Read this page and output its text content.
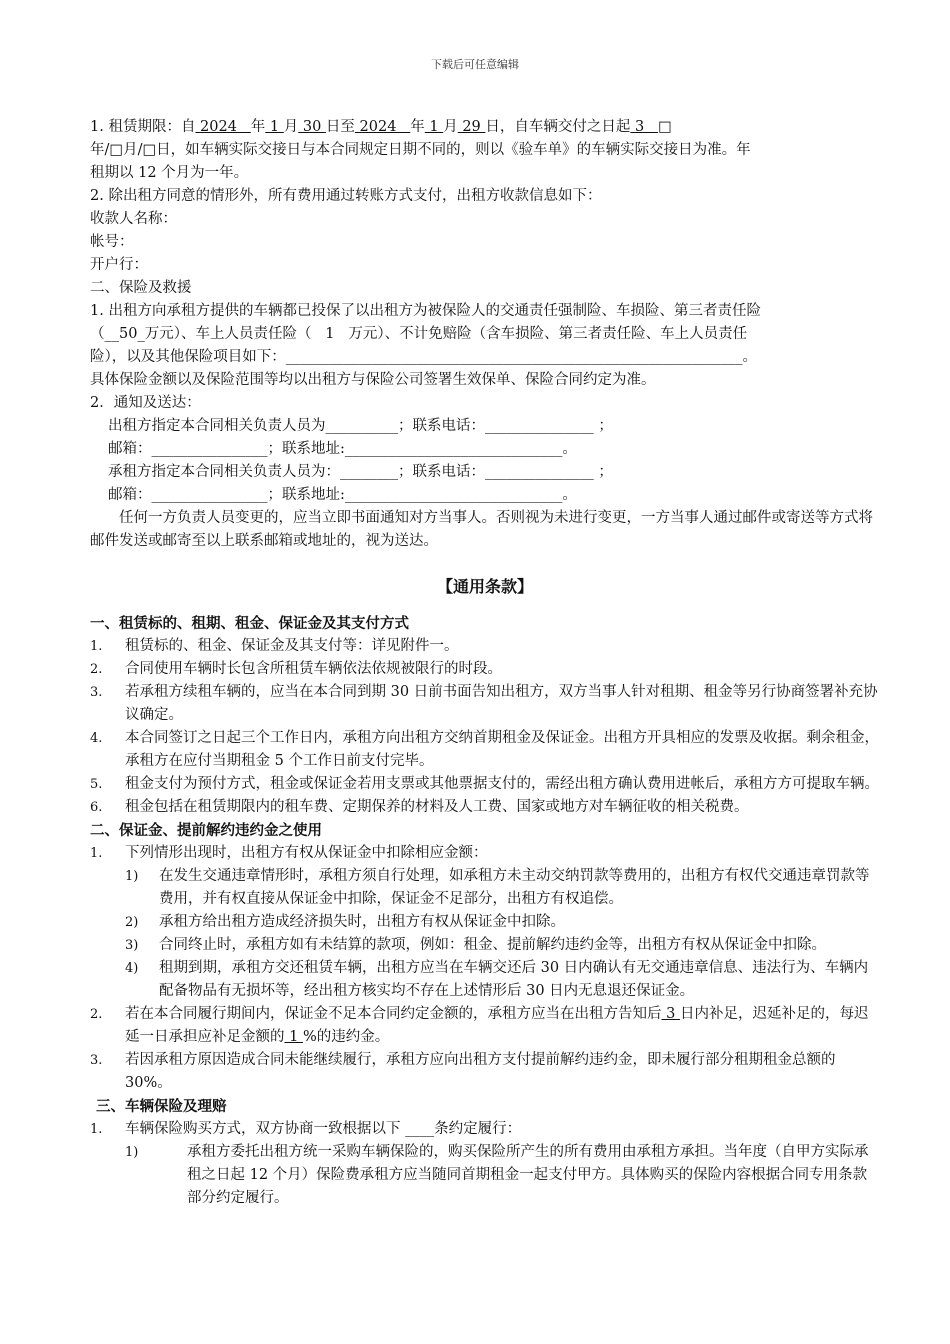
下载后可任意编辑

1. 租赁期限：自 2024   年 1 月 30 日至 2024   年 1 月 29 日，自车辆交付之日起 3   □

年/□月/□日，如车辆实际交接日与本合同规定日期不同的，则以《验车单》的车辆实际交接日为准。年

租期以 12 个月为一年。

2. 除出租方同意的情形外，所有费用通过转账方式支付，出租方收款信息如下：

收款人名称：

帐号：

开户行：

二、保险及救援

1. 出租方向承租方提供的车辆都已投保了以出租方为被保险人的交通责任强制险、车损险、第三者责任险

（__50_万元）、车上人员责任险（   1   万元）、不计免赔险（含车损险、第三者责任险、车上人员责任

险），以及其他保险项目如下：_______________________________________________________________。

具体保险金额以及保险范围等均以出租方与保险公司签署生效保单、保险合同约定为准。

2．通知及送达：

出租方指定本合同相关负责人员为__________；联系电话：_______________ ；

邮箱：________________；联系地址:______________________________。

承租方指定本合同相关负责人员为：________；联系电话：_______________ ；

邮箱：________________；联系地址:______________________________。

任何一方负责人员变更的，应当立即书面通知对方当事人。否则视为未进行变更，一方当事人通过邮件或寄送等方式将邮件发送或邮寄至以上联系邮箱或地址的，视为送达。

【通用条款】

一、租赁标的、租期、租金、保证金及其支付方式

1.	租赁标的、租金、保证金及其支付等：详见附件一。
2.	合同使用车辆时长包含所租赁车辆依法依规被限行的时段。
3.	若承租方续租车辆的，应当在本合同到期 30 日前书面告知出租方，双方当事人针对租期、租金等另行协商签署补充协议确定。
4.	本合同签订之日起三个工作日内，承租方向出租方交纳首期租金及保证金。出租方开具相应的发票及收据。剩余租金，承租方在应付当期租金 5 个工作日前支付完毕。
5.	租金支付为预付方式，租金或保证金若用支票或其他票据支付的，需经出租方确认费用进帐后，承租方方可提取车辆。
6.	租金包括在租赁期限内的租车费、定期保养的材料及人工费、国家或地方对车辆征收的相关税费。

二、保证金、提前解约违约金之使用

1.	下列情形出现时，出租方有权从保证金中扣除相应金额：
1)	在发生交通违章情形时，承租方须自行处理，如承租方未主动交纳罚款等费用的，出租方有权代交通违章罚款等费用，并有权直接从保证金中扣除，保证金不足部分，出租方有权追偿。
2)	承租方给出租方造成经济损失时，出租方有权从保证金中扣除。
3)	合同终止时，承租方如有未结算的款项，例如：租金、提前解约违约金等，出租方有权从保证金中扣除。
4)	租期到期，承租方交还租赁车辆，出租方应当在车辆交还后 30 日内确认有无交通违章信息、违法行为、车辆内配备物品有无损坏等，经出租方核实均不存在上述情形后 30 日内无息退还保证金。
2.	若在本合同履行期间内，保证金不足本合同约定金额的，承租方应当在出租方告知后 3 日内补足，迟延补足的，每迟延一日承担应补足金额的 1 %的违约金。
3.	若因承租方原因造成合同未能继续履行，承租方应向出租方支付提前解约违约金，即未履行部分租期租金总额的 30%。

三、车辆保险及理赔

1.	车辆保险购买方式，双方协商一致根据以下 ____条约定履行：
1)	承租方委托出租方统一采购车辆保险的，购买保险所产生的所有费用由承租方承担。当年度（自甲方实际承租之日起 12 个月）保险费承租方应当随同首期租金一起支付甲方。具体购买的保险内容根据合同专用条款部分约定履行。
